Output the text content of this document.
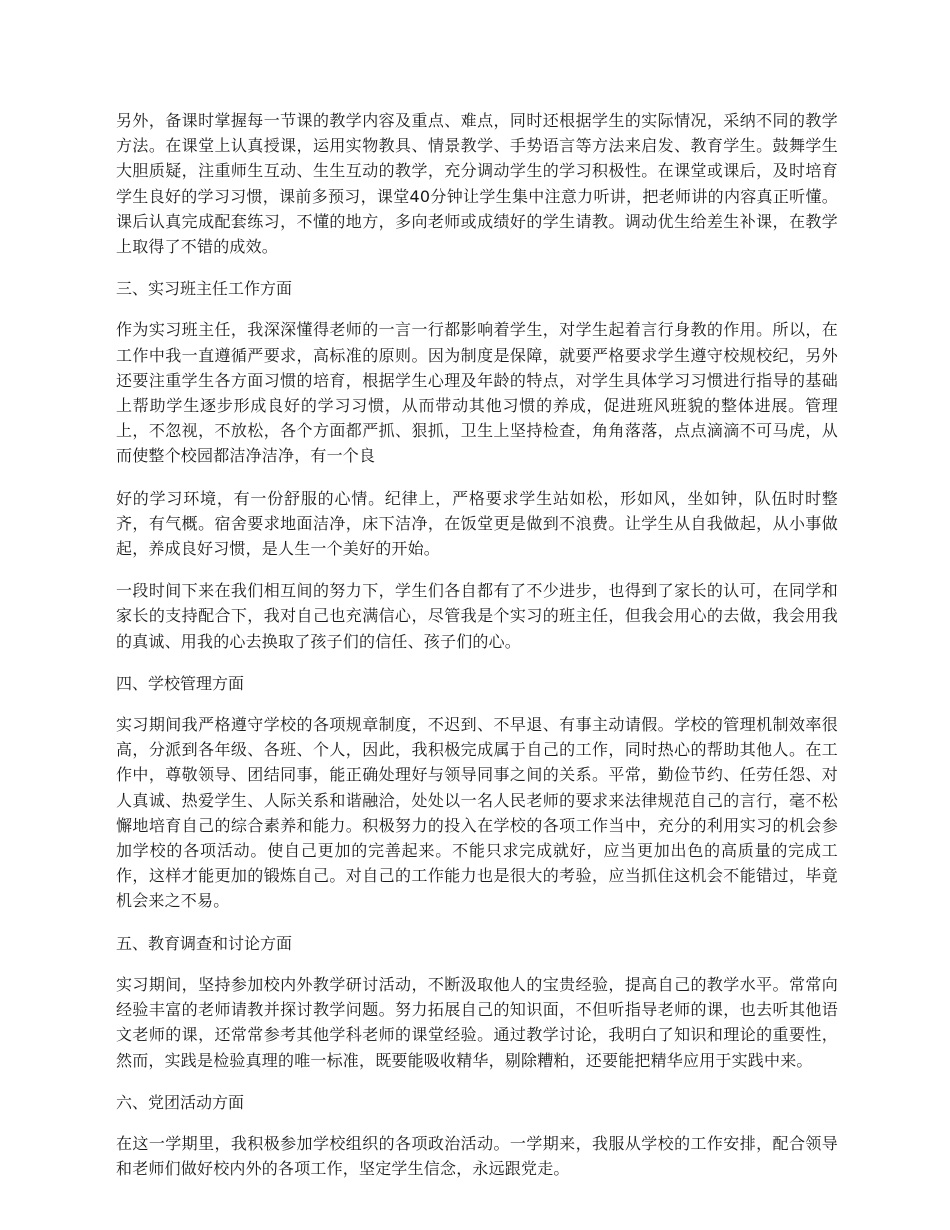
另外，备课时掌握每一节课的教学内容及重点、难点，同时还根据学生的实际情况，采纳不同的教学方法。在课堂上认真授课，运用实物教具、情景教学、手势语言等方法来启发、教育学生。鼓舞学生大胆质疑，注重师生互动、生生互动的教学，充分调动学生的学习积极性。在课堂或课后，及时培育学生良好的学习习惯，课前多预习，课堂40分钟让学生集中注意力听讲，把老师讲的内容真正听懂。课后认真完成配套练习，不懂的地方，多向老师或成绩好的学生请教。调动优生给差生补课，在教学上取得了不错的成效。

三、实习班主任工作方面

作为实习班主任，我深深懂得老师的一言一行都影响着学生，对学生起着言行身教的作用。所以，在工作中我一直遵循严要求，高标准的原则。因为制度是保障，就要严格要求学生遵守校规校纪，另外还要注重学生各方面习惯的培育，根据学生心理及年龄的特点，对学生具体学习习惯进行指导的基础上帮助学生逐步形成良好的学习习惯，从而带动其他习惯的养成，促进班风班貌的整体进展。管理上，不忽视，不放松，各个方面都严抓、狠抓，卫生上坚持检查，角角落落，点点滴滴不可马虎，从而使整个校园都洁净洁净，有一个良

好的学习环境，有一份舒服的心情。纪律上，严格要求学生站如松，形如风，坐如钟，队伍时时整齐，有气概。宿舍要求地面洁净，床下洁净，在饭堂更是做到不浪费。让学生从自我做起，从小事做起，养成良好习惯，是人生一个美好的开始。

一段时间下来在我们相互间的努力下，学生们各自都有了不少进步，也得到了家长的认可，在同学和家长的支持配合下，我对自己也充满信心，尽管我是个实习的班主任，但我会用心的去做，我会用我的真诚、用我的心去换取了孩子们的信任、孩子们的心。

四、学校管理方面

实习期间我严格遵守学校的各项规章制度，不迟到、不早退、有事主动请假。学校的管理机制效率很高，分派到各年级、各班、个人，因此，我积极完成属于自己的工作，同时热心的帮助其他人。在工作中，尊敬领导、团结同事，能正确处理好与领导同事之间的关系。平常，勤俭节约、任劳任怨、对人真诚、热爱学生、人际关系和谐融洽，处处以一名人民老师的要求来法律规范自己的言行，毫不松懈地培育自己的综合素养和能力。积极努力的投入在学校的各项工作当中，充分的利用实习的机会参加学校的各项活动。使自己更加的完善起来。不能只求完成就好，应当更加出色的高质量的完成工作，这样才能更加的锻炼自己。对自己的工作能力也是很大的考验，应当抓住这机会不能错过，毕竟机会来之不易。

五、教育调查和讨论方面

实习期间，坚持参加校内外教学研讨活动，不断汲取他人的宝贵经验，提高自己的教学水平。常常向经验丰富的老师请教并探讨教学问题。努力拓展自己的知识面，不但听指导老师的课，也去听其他语文老师的课，还常常参考其他学科老师的课堂经验。通过教学讨论，我明白了知识和理论的重要性，然而，实践是检验真理的唯一标准，既要能吸收精华，剔除糟粕，还要能把精华应用于实践中来。

六、党团活动方面

在这一学期里，我积极参加学校组织的各项政治活动。一学期来，我服从学校的工作安排，配合领导和老师们做好校内外的各项工作，坚定学生信念，永远跟党走。
